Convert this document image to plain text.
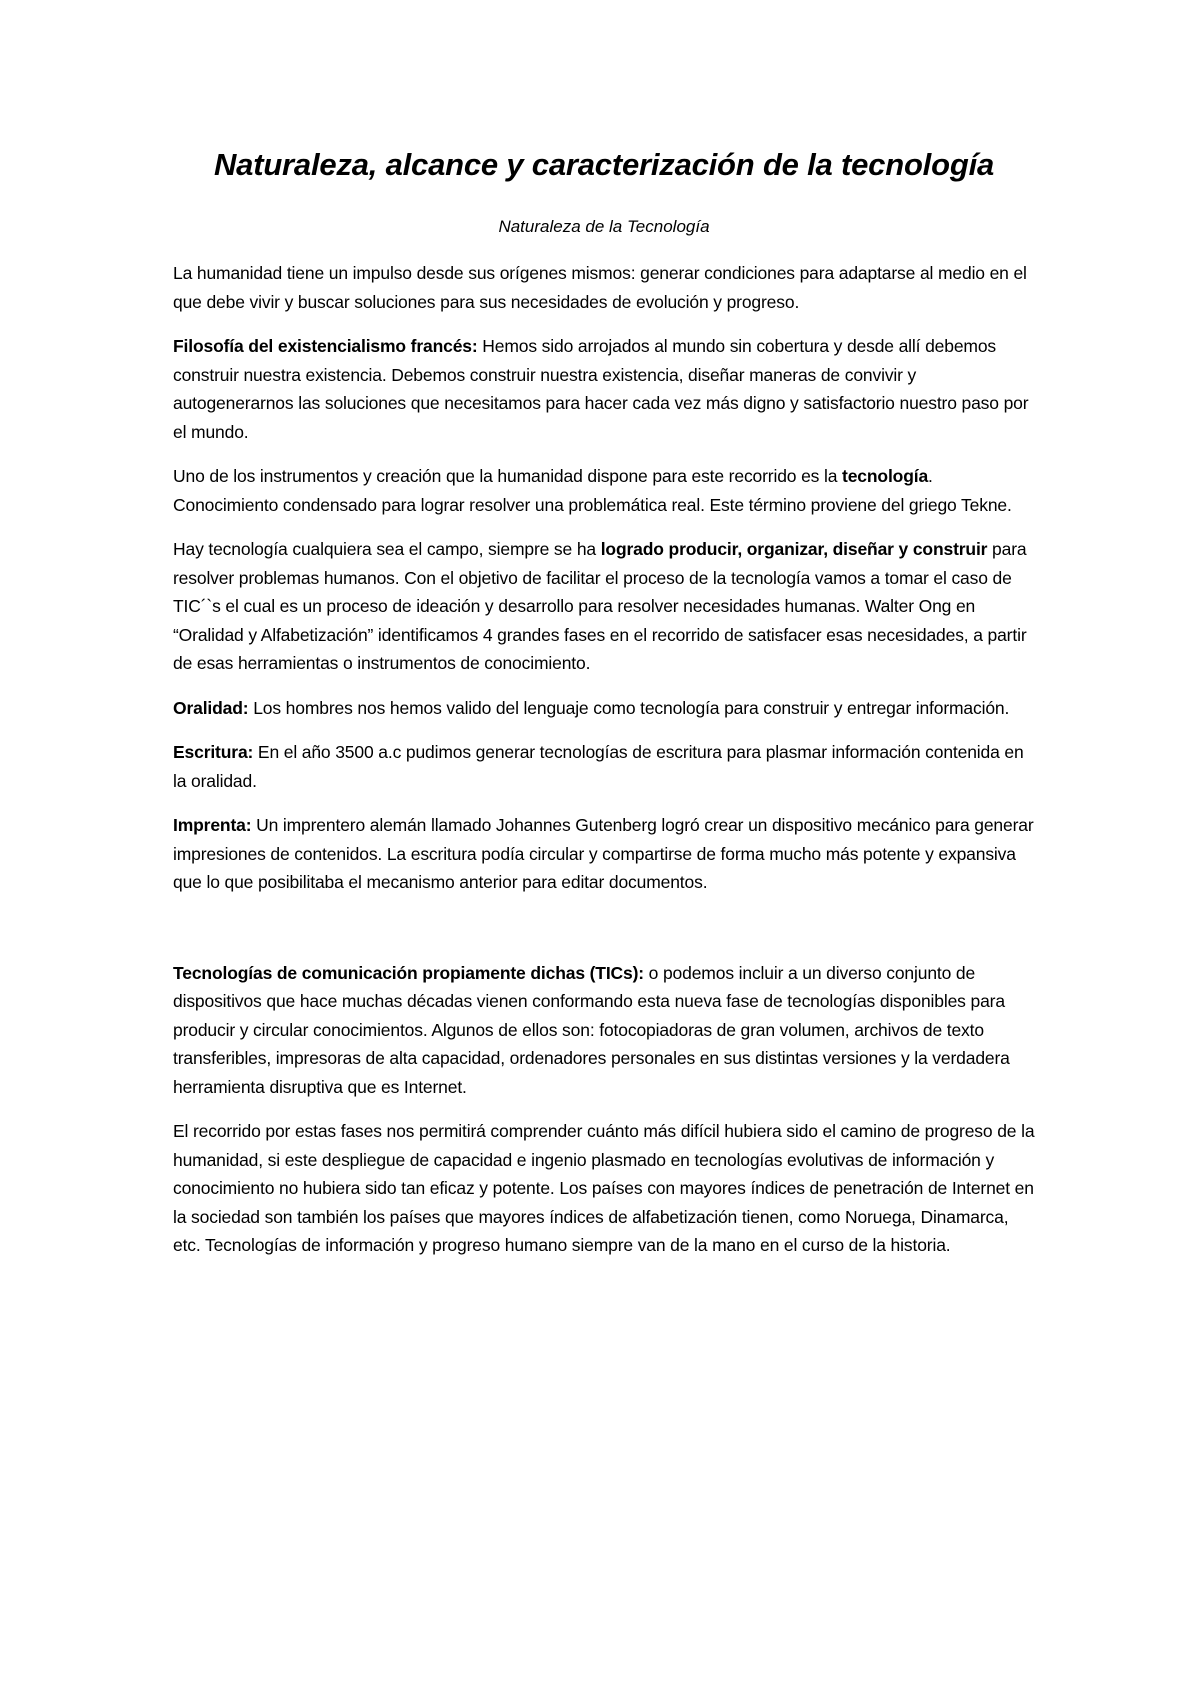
Naturaleza, alcance y caracterización de la tecnología

Naturaleza de la Tecnología

La humanidad tiene un impulso desde sus orígenes mismos: generar condiciones para adaptarse al medio en el que debe vivir y buscar soluciones para sus necesidades de evolución y progreso.

Filosofía del existencialismo francés: Hemos sido arrojados al mundo sin cobertura y desde allí debemos construir nuestra existencia. Debemos construir nuestra existencia, diseñar maneras de convivir y autogenerarnos las soluciones que necesitamos para hacer cada vez más digno y satisfactorio nuestro paso por el mundo.

Uno de los instrumentos y creación que la humanidad dispone para este recorrido es la tecnología. Conocimiento condensado para lograr resolver una problemática real. Este término proviene del griego Tekne.

Hay tecnología cualquiera sea el campo, siempre se ha logrado producir, organizar, diseñar y construir para resolver problemas humanos. Con el objetivo de facilitar el proceso de la tecnología vamos a tomar el caso de TIC´`s el cual es un proceso de ideación y desarrollo para resolver necesidades humanas. Walter Ong en “Oralidad y Alfabetización” identificamos 4 grandes fases en el recorrido de satisfacer esas necesidades, a partir de esas herramientas o instrumentos de conocimiento.

Oralidad: Los hombres nos hemos valido del lenguaje como tecnología para construir y entregar información.

Escritura: En el año 3500 a.c pudimos generar tecnologías de escritura para plasmar información contenida en la oralidad.

Imprenta: Un imprentero alemán llamado Johannes Gutenberg logró crear un dispositivo mecánico para generar impresiones de contenidos. La escritura podía circular y compartirse de forma mucho más potente y expansiva que lo que posibilitaba el mecanismo anterior para editar documentos.

Tecnologías de comunicación propiamente dichas (TICs): o podemos incluir a un diverso conjunto de dispositivos que hace muchas décadas vienen conformando esta nueva fase de tecnologías disponibles para producir y circular conocimientos. Algunos de ellos son: fotocopiadoras de gran volumen, archivos de texto transferibles, impresoras de alta capacidad, ordenadores personales en sus distintas versiones y la verdadera herramienta disruptiva que es Internet.

El recorrido por estas fases nos permitirá comprender cuánto más difícil hubiera sido el camino de progreso de la humanidad, si este despliegue de capacidad e ingenio plasmado en tecnologías evolutivas de información y conocimiento no hubiera sido tan eficaz y potente. Los países con mayores índices de penetración de Internet en la sociedad son también los países que mayores índices de alfabetización tienen, como Noruega, Dinamarca, etc. Tecnologías de información y progreso humano siempre van de la mano en el curso de la historia.
